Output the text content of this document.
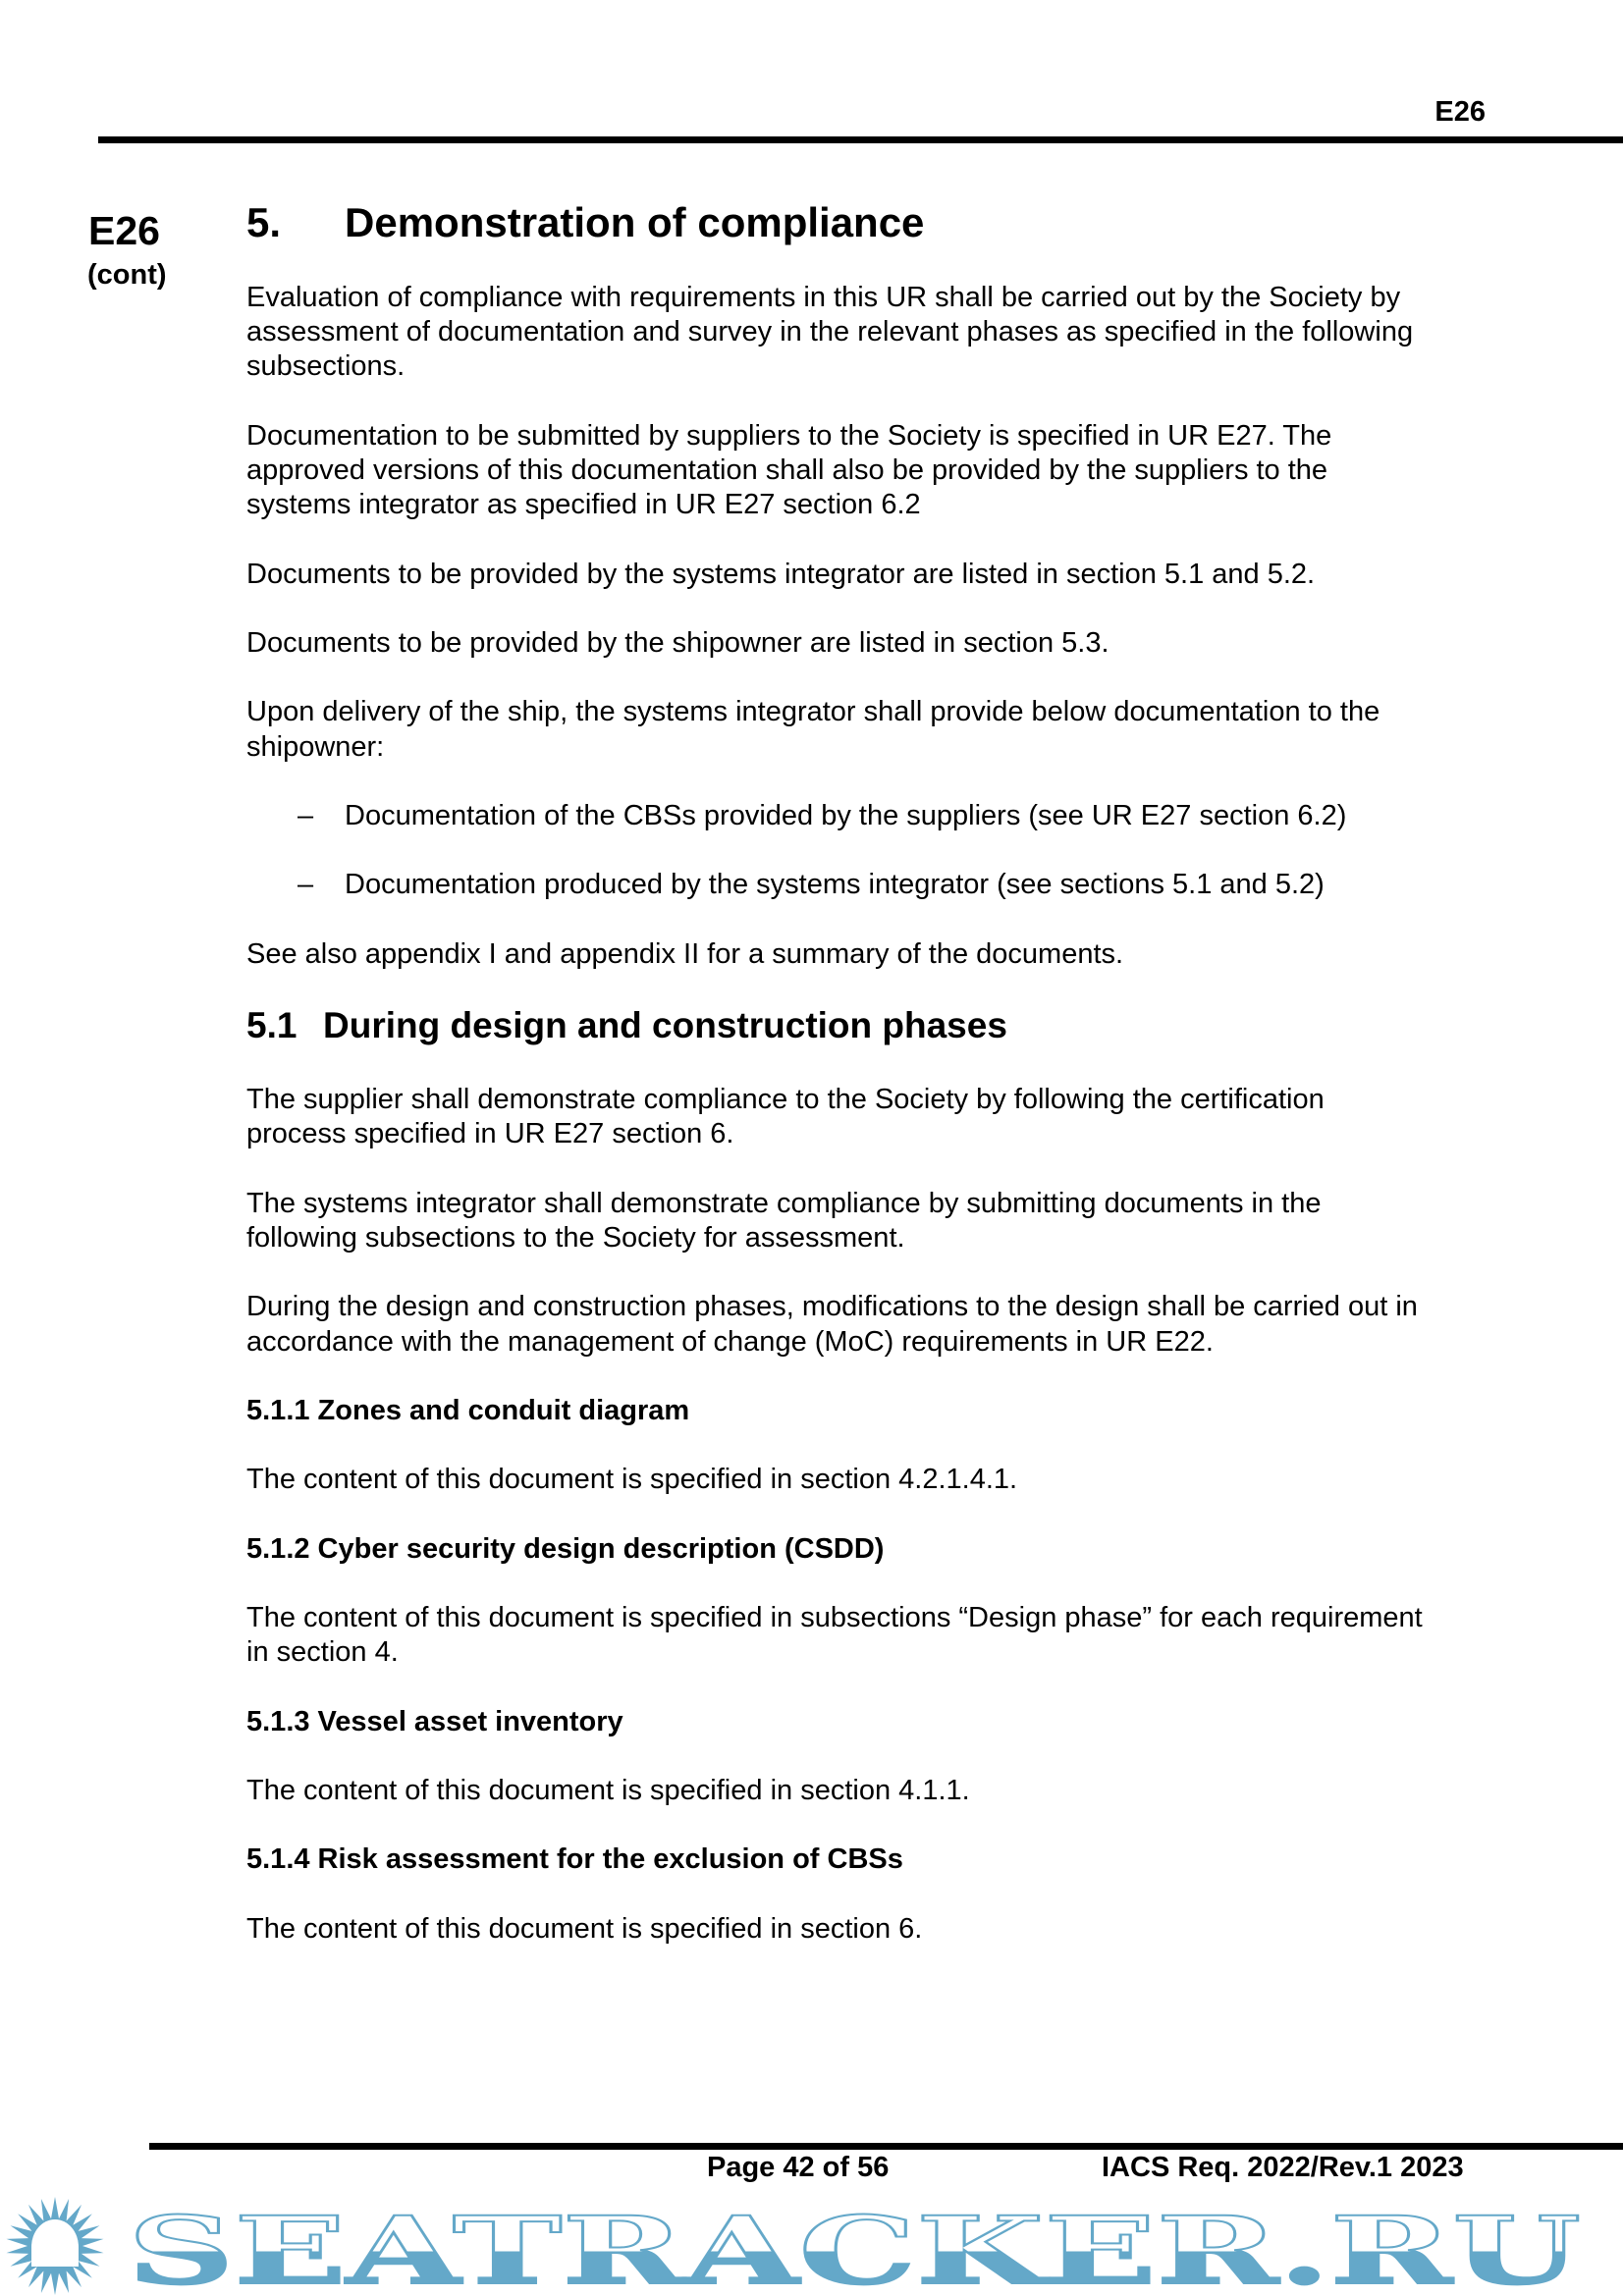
E26
E26
(cont)
5. Demonstration of compliance

Evaluation of compliance with requirements in this UR shall be carried out by the Society by
assessment of documentation and survey in the relevant phases as specified in the following
subsections.

Documentation to be submitted by suppliers to the Society is specified in UR E27. The
approved versions of this documentation shall also be provided by the suppliers to the
systems integrator as specified in UR E27 section 6.2

Documents to be provided by the systems integrator are listed in section 5.1 and 5.2.

Documents to be provided by the shipowner are listed in section 5.3.

Upon delivery of the ship, the systems integrator shall provide below documentation to the
shipowner:

– Documentation of the CBSs provided by the suppliers (see UR E27 section 6.2)
– Documentation produced by the systems integrator (see sections 5.1 and 5.2)

See also appendix I and appendix II for a summary of the documents.

5.1 During design and construction phases

The supplier shall demonstrate compliance to the Society by following the certification
process specified in UR E27 section 6.

The systems integrator shall demonstrate compliance by submitting documents in the
following subsections to the Society for assessment.

During the design and construction phases, modifications to the design shall be carried out in
accordance with the management of change (MoC) requirements in UR E22.

5.1.1 Zones and conduit diagram

The content of this document is specified in section 4.2.1.4.1.

5.1.2 Cyber security design description (CSDD)

The content of this document is specified in subsections “Design phase” for each requirement
in section 4.

5.1.3 Vessel asset inventory

The content of this document is specified in section 4.1.1.

5.1.4 Risk assessment for the exclusion of CBSs

The content of this document is specified in section 6.

Page 42 of 56	IACS Req. 2022/Rev.1 2023
SEATRACKER.RU
